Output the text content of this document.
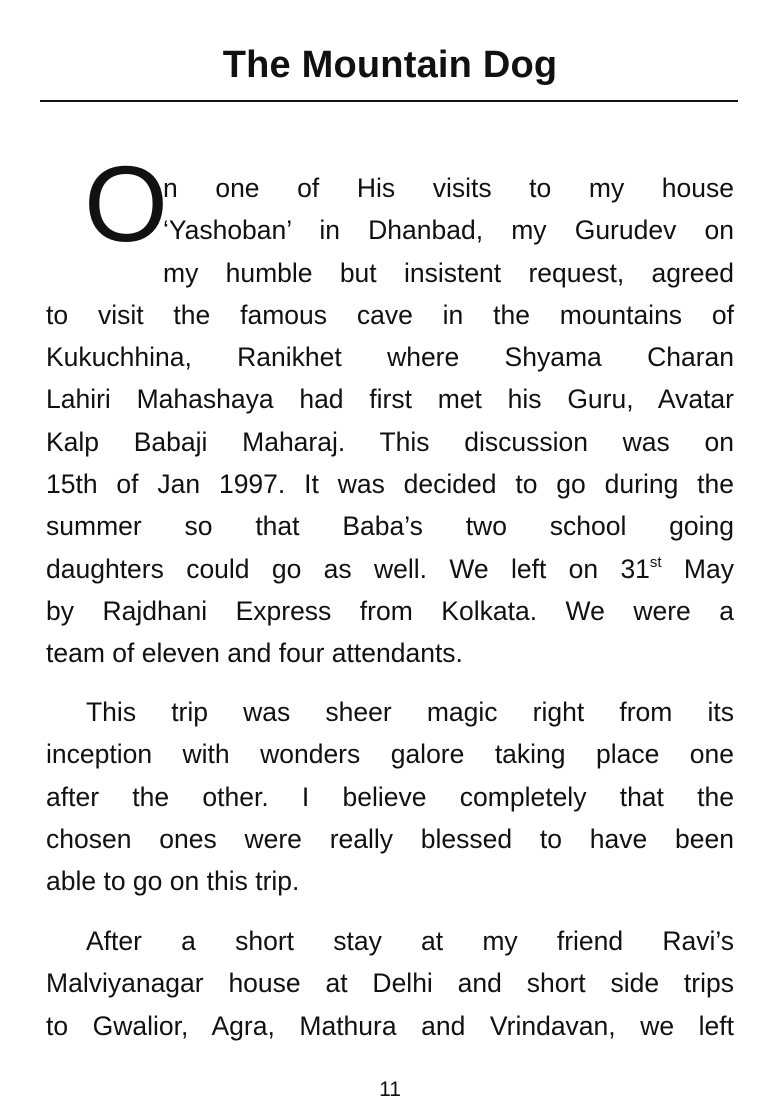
The Mountain Dog
O
n one of His visits to my house
‘Yashoban’ in Dhanbad, my Gurudev on
my humble but insistent request, agreed
to visit the famous cave in the mountains of
Kukuchhina, Ranikhet where Shyama Charan
Lahiri Mahashaya had first met his Guru, Avatar
Kalp Babaji Maharaj. This discussion was on
15th of Jan 1997. It was decided to go during the
summer so that Baba’s two school going
daughters could go as well. We left on 31st May
by Rajdhani Express from Kolkata. We were a
team of eleven and four attendants.
This trip was sheer magic right from its
inception with wonders galore taking place one
after the other. I believe completely that the
chosen ones were really blessed to have been
able to go on this trip.
After a short stay at my friend Ravi’s
Malviyanagar house at Delhi and short side trips
to Gwalior, Agra, Mathura and Vrindavan, we left
11
